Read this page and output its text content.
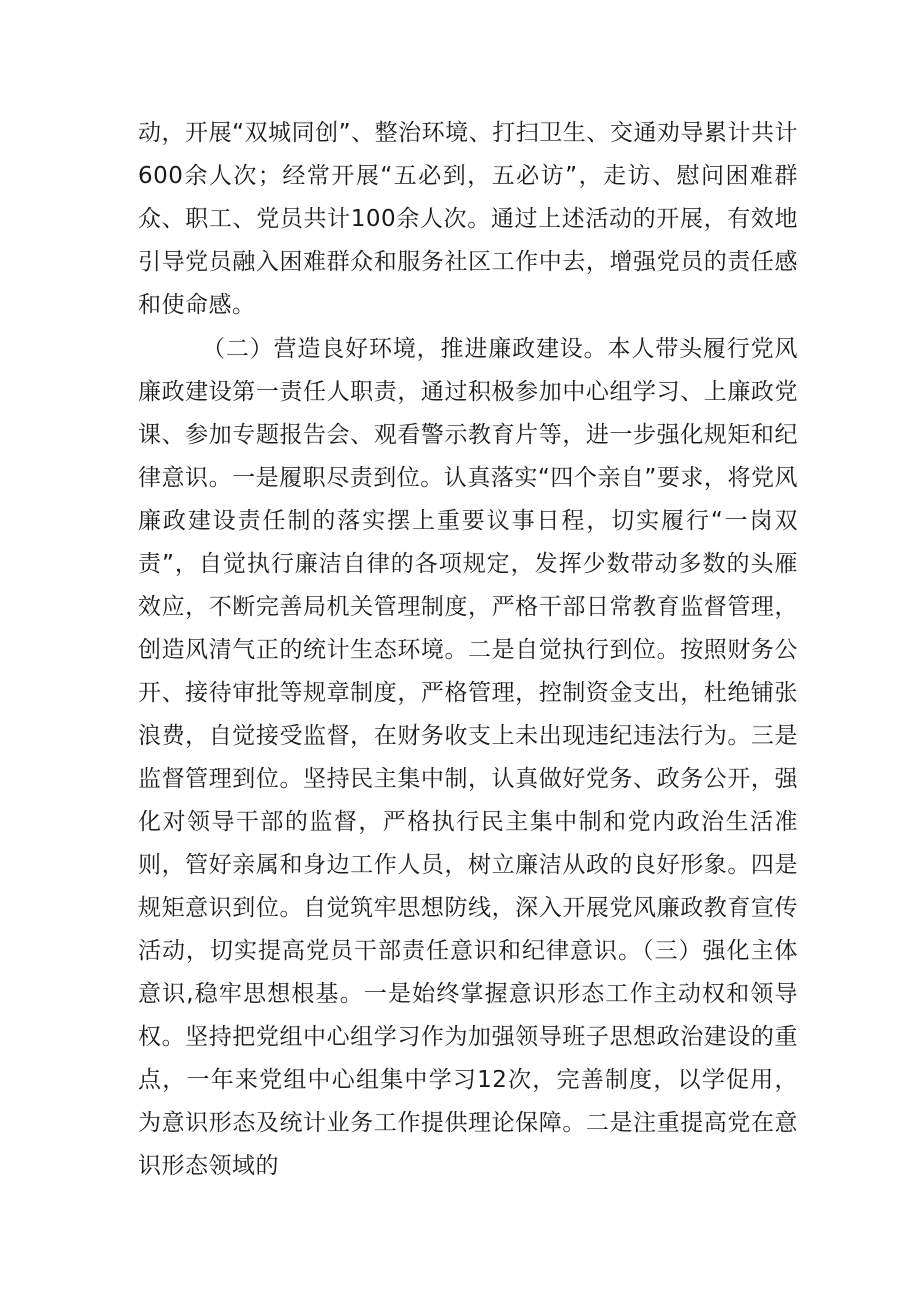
动，开展“双城同创”、整治环境、打扫卫生、交通劝导累计共计600余人次；经常开展“五必到，五必访”，走访、慰问困难群众、职工、党员共计100余人次。通过上述活动的开展，有效地引导党员融入困难群众和服务社区工作中去，增强党员的责任感和使命感。

（二）营造良好环境，推进廉政建设。本人带头履行党风廉政建设第一责任人职责，通过积极参加中心组学习、上廉政党课、参加专题报告会、观看警示教育片等，进一步强化规矩和纪律意识。一是履职尽责到位。认真落实“四个亲自”要求，将党风廉政建设责任制的落实摆上重要议事日程，切实履行“一岗双责”，自觉执行廉洁自律的各项规定，发挥少数带动多数的头雁效应，不断完善局机关管理制度，严格干部日常教育监督管理，创造风清气正的统计生态环境。二是自觉执行到位。按照财务公开、接待审批等规章制度，严格管理，控制资金支出，杜绝铺张浪费，自觉接受监督，在财务收支上未出现违纪违法行为。三是监督管理到位。坚持民主集中制，认真做好党务、政务公开，强化对领导干部的监督，严格执行民主集中制和党内政治生活准则，管好亲属和身边工作人员，树立廉洁从政的良好形象。四是规矩意识到位。自觉筑牢思想防线，深入开展党风廉政教育宣传活动，切实提高党员干部责任意识和纪律意识。（三）强化主体意识,稳牢思想根基。一是始终掌握意识形态工作主动权和领导权。坚持把党组中心组学习作为加强领导班子思想政治建设的重点，一年来党组中心组集中学习12次，完善制度，以学促用，为意识形态及统计业务工作提供理论保障。二是注重提高党在意识形态领域的
